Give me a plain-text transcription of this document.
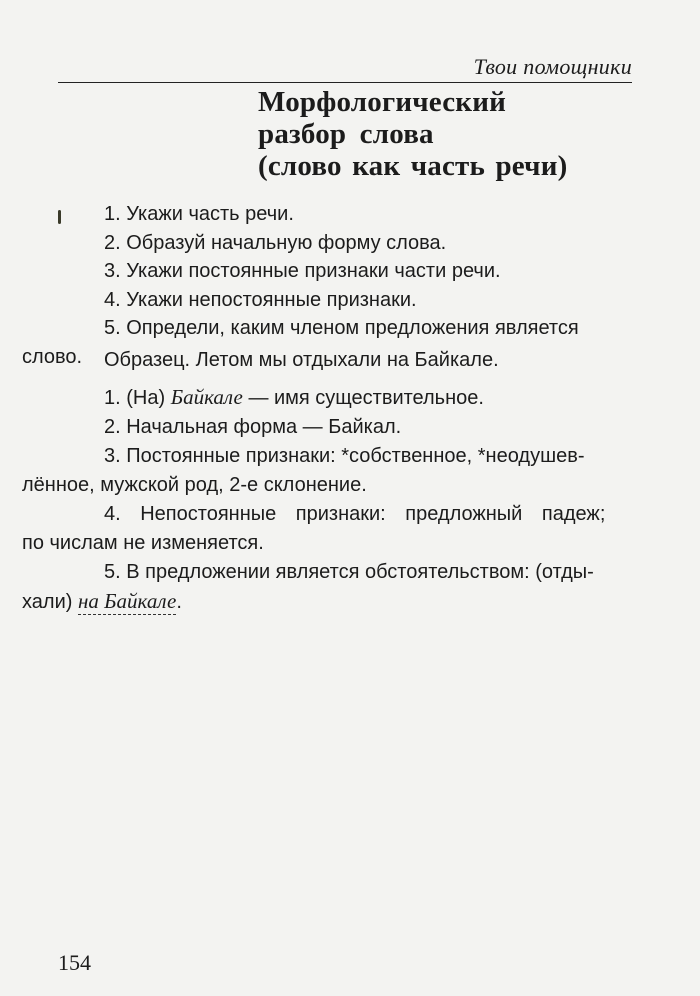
Твои помощники
Морфологический
разбор слова
(слово как часть речи)
1. Укажи часть речи.
2. Образуй начальную форму слова.
3. Укажи постоянные признаки части речи.
4. Укажи непостоянные признаки.
5. Определи, каким членом предложения является
слово.	Образец. Летом мы отдыхали на Байкале.
1. (На) Байкале — имя существительное.
2. Начальная форма — Байкал.
3. Постоянные признаки: *собственное, *неодушев-
лённое, мужской род, 2-е склонение.
4. Непостоянные признаки: предложный падеж;
по числам не изменяется.
5. В предложении является обстоятельством: (отды-
хали) на Байкале.
154
